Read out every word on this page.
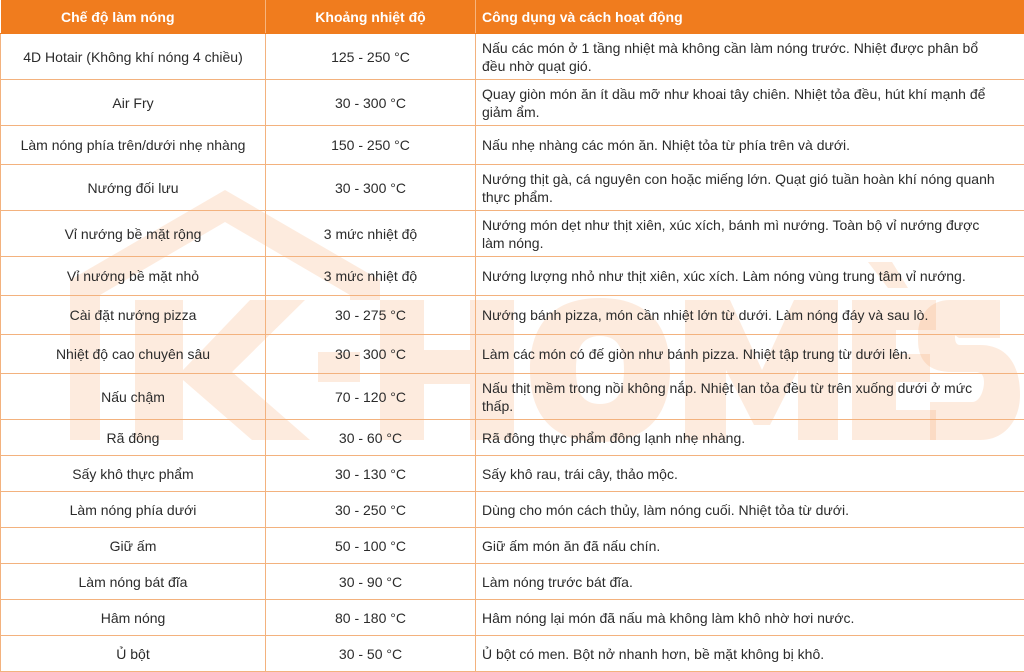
Chế độ làm nóng	Khoảng nhiệt độ	Công dụng và cách hoạt động
4D Hotair (Không khí nóng 4 chiều)	125 - 250 °C	Nấu các món ở 1 tầng nhiệt mà không cần làm nóng trước. Nhiệt được phân bổ đều nhờ quạt gió.
Air Fry	30 - 300 °C	Quay giòn món ăn ít dầu mỡ như khoai tây chiên. Nhiệt tỏa đều, hút khí mạnh để giảm ẩm.
Làm nóng phía trên/dưới nhẹ nhàng	150 - 250 °C	Nấu nhẹ nhàng các món ăn. Nhiệt tỏa từ phía trên và dưới.
Nướng đối lưu	30 - 300 °C	Nướng thịt gà, cá nguyên con hoặc miếng lớn. Quạt gió tuần hoàn khí nóng quanh thực phẩm.
Vỉ nướng bề mặt rộng	3 mức nhiệt độ	Nướng món dẹt như thịt xiên, xúc xích, bánh mì nướng. Toàn bộ vỉ nướng được làm nóng.
Vỉ nướng bề mặt nhỏ	3 mức nhiệt độ	Nướng lượng nhỏ như thịt xiên, xúc xích. Làm nóng vùng trung tâm vỉ nướng.
Cài đặt nướng pizza	30 - 275 °C	Nướng bánh pizza, món cần nhiệt lớn từ dưới. Làm nóng đáy và sau lò.
Nhiệt độ cao chuyên sâu	30 - 300 °C	Làm các món có đế giòn như bánh pizza. Nhiệt tập trung từ dưới lên.
Nấu chậm	70 - 120 °C	Nấu thịt mềm trong nồi không nắp. Nhiệt lan tỏa đều từ trên xuống dưới ở mức thấp.
Rã đông	30 - 60 °C	Rã đông thực phẩm đông lạnh nhẹ nhàng.
Sấy khô thực phẩm	30 - 130 °C	Sấy khô rau, trái cây, thảo mộc.
Làm nóng phía dưới	30 - 250 °C	Dùng cho món cách thủy, làm nóng cuối. Nhiệt tỏa từ dưới.
Giữ ấm	50 - 100 °C	Giữ ấm món ăn đã nấu chín.
Làm nóng bát đĩa	30 - 90 °C	Làm nóng trước bát đĩa.
Hâm nóng	80 - 180 °C	Hâm nóng lại món đã nấu mà không làm khô nhờ hơi nước.
Ủ bột	30 - 50 °C	Ủ bột có men. Bột nở nhanh hơn, bề mặt không bị khô.
